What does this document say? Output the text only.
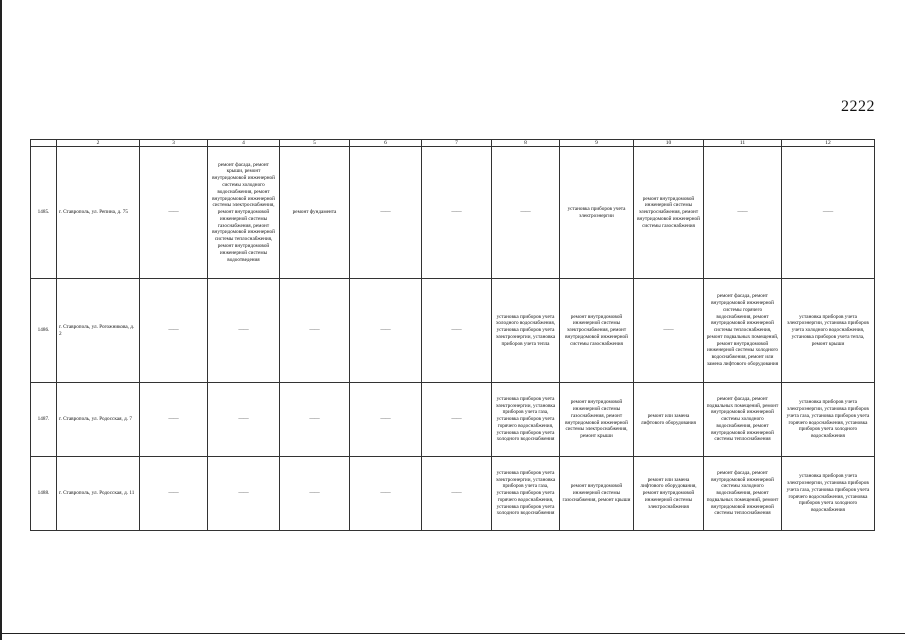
2222
	2	3	4	5	6	7	8	9	10	11	12
1485.	г. Ставрополь, ул. Репина, д. 75	——	ремонт фасада, ремонт крыши, ремонт внутридомовой инженерной системы холодного водоснабжения, ремонт внутридомовой инженерной системы электроснабжения, ремонт внутридомовой инженерной системы газоснабжения, ремонт внутридомовой инженерной системы теплоснабжения, ремонт внутридомовой инженерной системы водоотведения	ремонт фундамента	——	——	——	установка приборов учета электроэнергии	ремонт внутридомовой инженерной системы электроснабжения, ремонт внутридомовой инженерной системы газоснабжения	——	——
1486.	г. Ставрополь, ул. Рогожникова, д. 2	——	——	——	——	——	установка приборов учета холодного водоснабжения, установка приборов учета электроэнергии, установка приборов учета тепла	ремонт внутридомовой инженерной системы электроснабжения, ремонт внутридомовой инженерной системы газоснабжения	——	ремонт фасада, ремонт внутридомовой инженерной системы горячего водоснабжения, ремонт внутридомовой инженерной системы теплоснабжения, ремонт подвальных помещений, ремонт внутридомовой инженерной системы холодного водоснабжения, ремонт или замена лифтового оборудования	установка приборов учета электроэнергии, установка приборов учета холодного водоснабжения, установка приборов учета тепла, ремонт крыши
1487.	г. Ставрополь, ул. Родосская, д. 7	——	——	——	——	——	установка приборов учета электроэнергии, установка приборов учета газа, установка приборов учета горячего водоснабжения, установка приборов учета холодного водоснабжения	ремонт внутридомовой инженерной системы газоснабжения, ремонт внутридомовой инженерной системы электроснабжения, ремонт крыши	ремонт или замена лифтового оборудования	ремонт фасада, ремонт подвальных помещений, ремонт внутридомовой инженерной системы холодного водоснабжения, ремонт внутридомовой инженерной системы теплоснабжения	установка приборов учета электроэнергии, установка приборов учета газа, установка приборов учета горячего водоснабжения, установка приборов учета холодного водоснабжения
1488.	г. Ставрополь, ул. Родосская, д. 11	——	——	——	——	——	установка приборов учета электроэнергии, установка приборов учета газа, установка приборов учета горячего водоснабжения, установка приборов учета холодного водоснабжения	ремонт внутридомовой инженерной системы газоснабжения, ремонт крыши	ремонт или замена лифтового оборудования, ремонт внутридомовой инженерной системы электроснабжения	ремонт фасада, ремонт внутридомовой инженерной системы холодного водоснабжения, ремонт подвальных помещений, ремонт внутридомовой инженерной системы теплоснабжения	установка приборов учета электроэнергии, установка приборов учета газа, установка приборов учета горячего водоснабжения, установка приборов учета холодного водоснабжения
